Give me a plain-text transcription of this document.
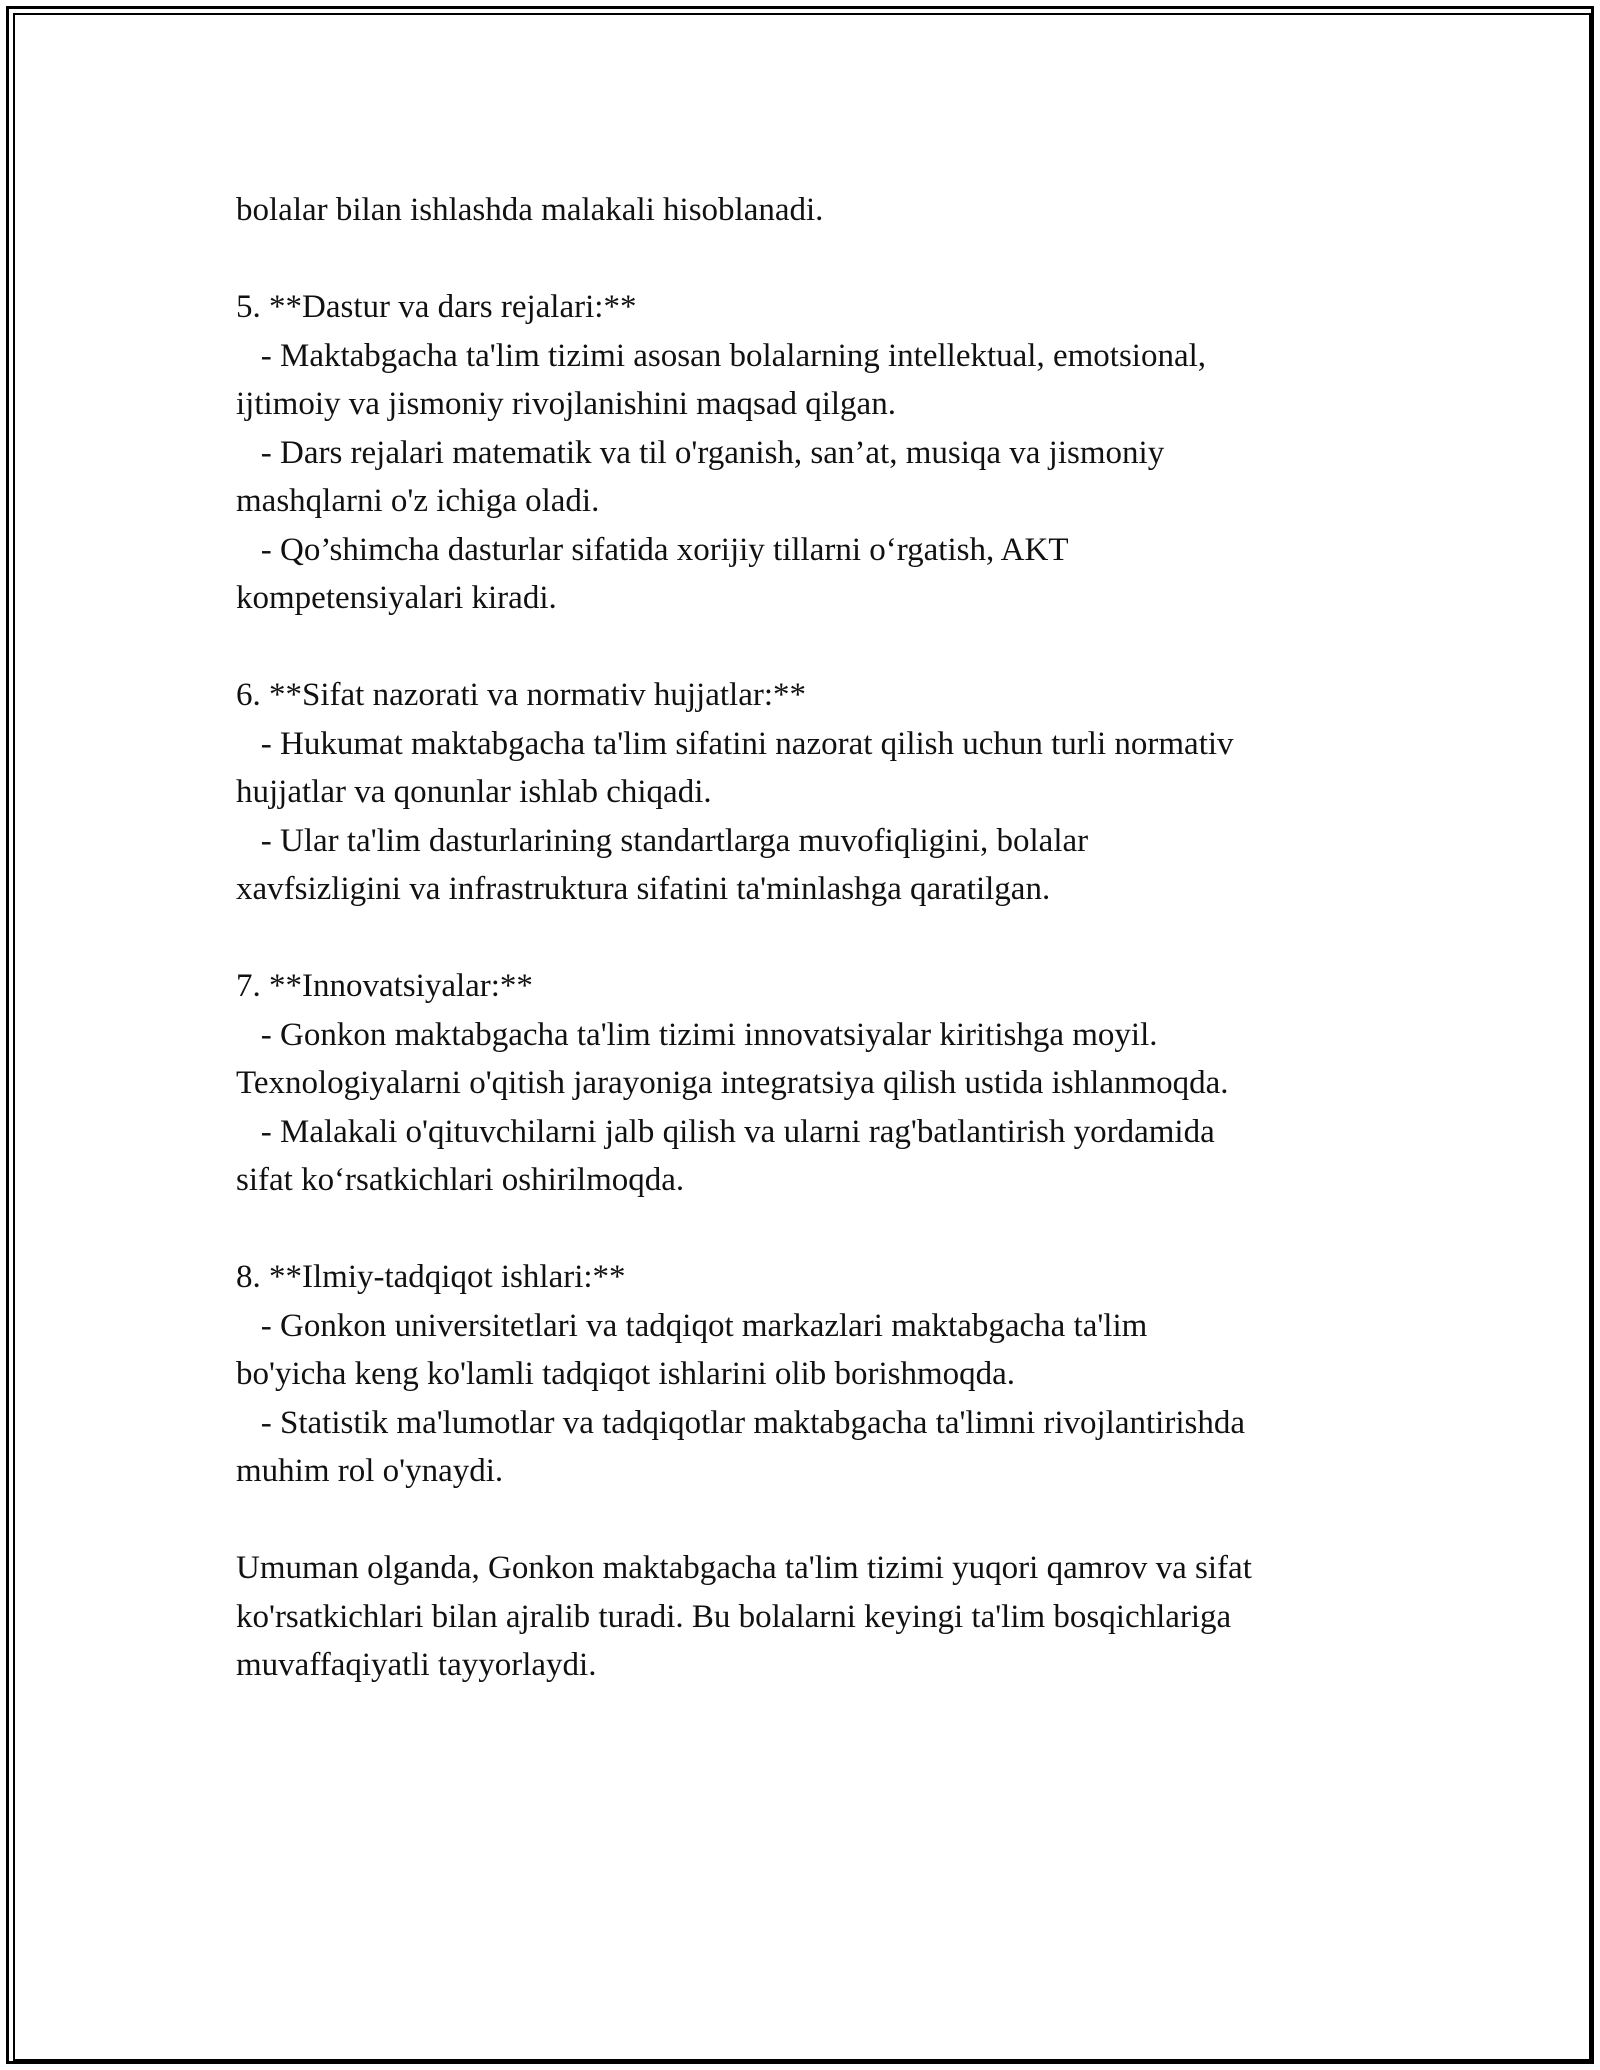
bolalar bilan ishlashda malakali hisoblanadi.
5. **Dastur va dars rejalari:**
- Maktabgacha ta'lim tizimi asosan bolalarning intellektual, emotsional,
ijtimoiy va jismoniy rivojlanishini maqsad qilgan.
- Dars rejalari matematik va til o'rganish, san’at, musiqa va jismoniy
mashqlarni o'z ichiga oladi.
- Qo’shimcha dasturlar sifatida xorijiy tillarni o‘rgatish, AKT
kompetensiyalari kiradi.
6. **Sifat nazorati va normativ hujjatlar:**
- Hukumat maktabgacha ta'lim sifatini nazorat qilish uchun turli normativ
hujjatlar va qonunlar ishlab chiqadi.
- Ular ta'lim dasturlarining standartlarga muvofiqligini, bolalar
xavfsizligini va infrastruktura sifatini ta'minlashga qaratilgan.
7. **Innovatsiyalar:**
- Gonkon maktabgacha ta'lim tizimi innovatsiyalar kiritishga moyil.
Texnologiyalarni o'qitish jarayoniga integratsiya qilish ustida ishlanmoqda.
- Malakali o'qituvchilarni jalb qilish va ularni rag'batlantirish yordamida
sifat ko‘rsatkichlari oshirilmoqda.
8. **Ilmiy-tadqiqot ishlari:**
- Gonkon universitetlari va tadqiqot markazlari maktabgacha ta'lim
bo'yicha keng ko'lamli tadqiqot ishlarini olib borishmoqda.
- Statistik ma'lumotlar va tadqiqotlar maktabgacha ta'limni rivojlantirishda
muhim rol o'ynaydi.
Umuman olganda, Gonkon maktabgacha ta'lim tizimi yuqori qamrov va sifat
ko'rsatkichlari bilan ajralib turadi. Bu bolalarni keyingi ta'lim bosqichlariga
muvaffaqiyatli tayyorlaydi.
